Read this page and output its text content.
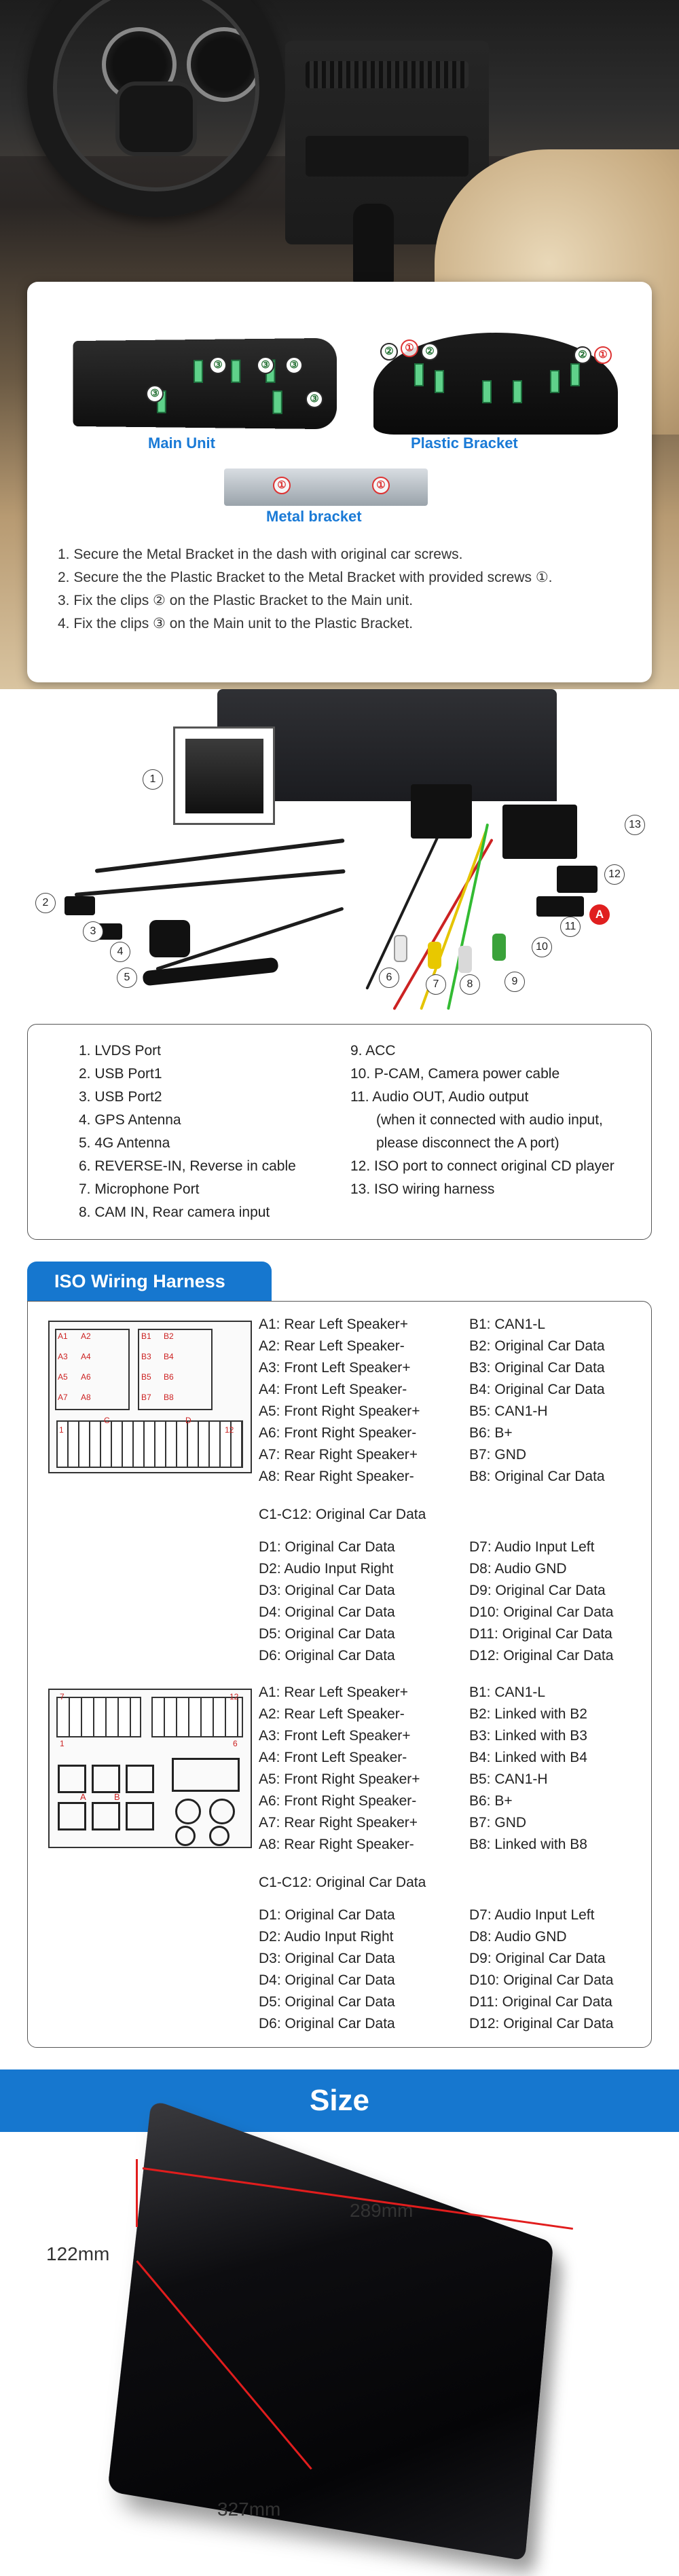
③	③	③
③	③
②	①	②	②	①
Main Unit	Plastic Bracket
①	①
Metal bracket
1. Secure the Metal Bracket in the dash with original car screws.
2. Secure the the Plastic Bracket to the Metal Bracket with provided screws ①.
3. Fix the clips ② on the Plastic Bracket to the Main unit.
4. Fix the clips ③ on the Main unit to the Plastic Bracket.
1
2
3
4
5	6
7	8	9
10
11
12
13
A
1. LVDS Port
2. USB Port1
3. USB Port2
4. GPS Antenna
5. 4G Antenna
6. REVERSE-IN, Reverse in cable
7. Microphone Port
8. CAM IN, Rear camera input
9. ACC
10. P-CAM, Camera power cable
11. Audio OUT, Audio output
(when it connected with audio input,
please disconnect the A port)
12. ISO port to connect original CD player
13. ISO wiring harness
ISO Wiring Harness
A1 A2	B1 B2
A3 A4	B3 B4
A5 A6	B5 B6
A7 A8	B7 B8
C	D
1	12
A1: Rear Left Speaker+
A2: Rear Left Speaker-
A3: Front Left Speaker+
A4: Front Left Speaker-
A5: Front Right Speaker+
A6: Front Right Speaker-
A7: Rear Right Speaker+
A8: Rear Right Speaker-
B1: CAN1-L
B2: Original Car Data
B3: Original Car Data
B4: Original Car Data
B5: CAN1-H
B6: B+
B7: GND
B8: Original Car Data
C1-C12: Original Car Data
D1: Original Car Data
D2: Audio Input Right
D3: Original Car Data
D4: Original Car Data
D5: Original Car Data
D6: Original Car Data
D7: Audio Input Left
D8: Audio GND
D9: Original Car Data
D10: Original Car Data
D11: Original Car Data
D12: Original Car Data
7	12
1	6
A	B
A1: Rear Left Speaker+
A2: Rear Left Speaker-
A3: Front Left Speaker+
A4: Front Left Speaker-
A5: Front Right Speaker+
A6: Front Right Speaker-
A7: Rear Right Speaker+
A8: Rear Right Speaker-
B1: CAN1-L
B2: Linked with B2
B3: Linked with B3
B4: Linked with B4
B5: CAN1-H
B6: B+
B7: GND
B8: Linked with B8
C1-C12: Original Car Data
D1: Original Car Data
D2: Audio Input Right
D3: Original Car Data
D4: Original Car Data
D5: Original Car Data
D6: Original Car Data
D7: Audio Input Left
D8: Audio GND
D9: Original Car Data
D10: Original Car Data
D11: Original Car Data
D12: Original Car Data
Size
289mm
122mm
327mm
